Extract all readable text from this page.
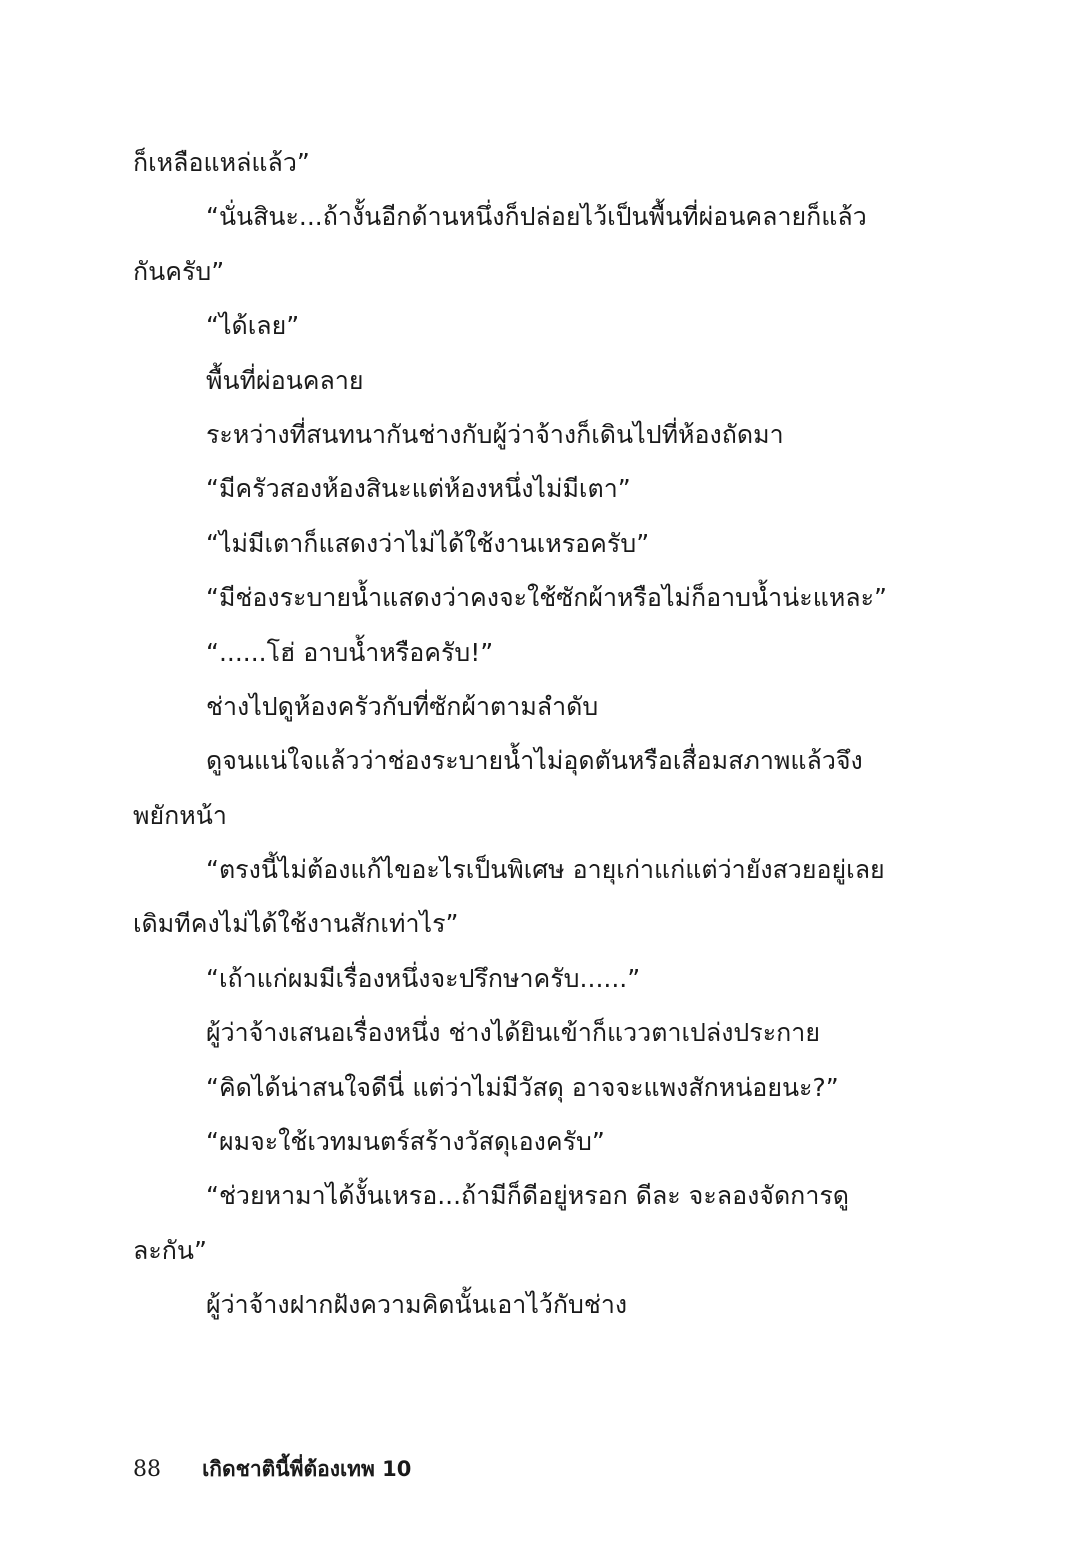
ก็เหลือแหล่แล้ว”
“นั่นสินะ...ถ้างั้นอีกด้านหนึ่งก็ปล่อยไว้เป็นพื้นที่ผ่อนคลายก็แล้ว
กันครับ”
“ได้เลย”
พื้นที่ผ่อนคลาย
ระหว่างที่สนทนากันช่างกับผู้ว่าจ้างก็เดินไปที่ห้องถัดมา
“มีครัวสองห้องสินะแต่ห้องหนึ่งไม่มีเตา”
“ไม่มีเตาก็แสดงว่าไม่ได้ใช้งานเหรอครับ”
“มีช่องระบายน้ำแสดงว่าคงจะใช้ซักผ้าหรือไม่ก็อาบน้ำน่ะแหละ”
“......โฮ่ อาบน้ำหรือครับ!”
ช่างไปดูห้องครัวกับที่ซักผ้าตามลำดับ
ดูจนแน่ใจแล้วว่าช่องระบายน้ำไม่อุดตันหรือเสื่อมสภาพแล้วจึง
พยักหน้า
“ตรงนี้ไม่ต้องแก้ไขอะไรเป็นพิเศษ อายุเก่าแก่แต่ว่ายังสวยอยู่เลย
เดิมทีคงไม่ได้ใช้งานสักเท่าไร”
“เถ้าแก่ผมมีเรื่องหนึ่งจะปรึกษาครับ......”
ผู้ว่าจ้างเสนอเรื่องหนึ่ง ช่างได้ยินเข้าก็แววตาเปล่งประกาย
“คิดได้น่าสนใจดีนี่ แต่ว่าไม่มีวัสดุ อาจจะแพงสักหน่อยนะ?”
“ผมจะใช้เวทมนตร์สร้างวัสดุเองครับ”
“ช่วยหามาได้งั้นเหรอ...ถ้ามีก็ดีอยู่หรอก ดีละ จะลองจัดการดู
ละกัน”
ผู้ว่าจ้างฝากฝังความคิดนั้นเอาไว้กับช่าง
88 เกิดชาตินี้พี่ต้องเทพ 10
